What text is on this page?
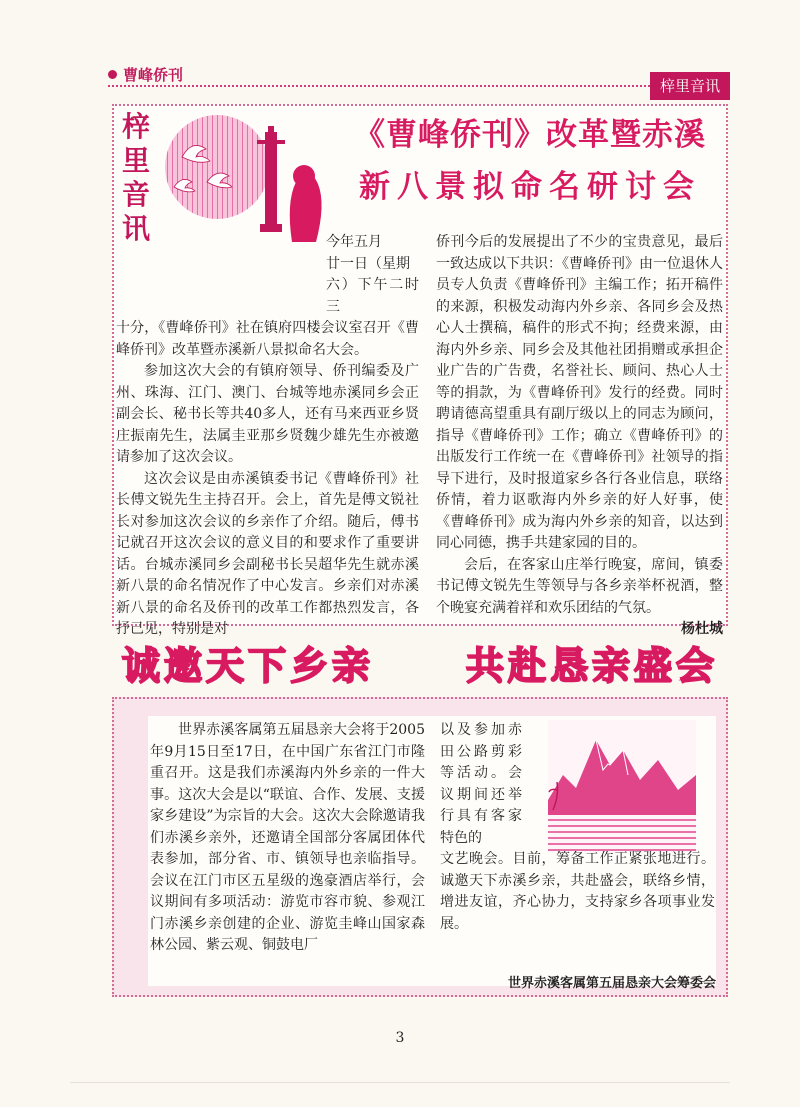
曹峰侨刊
梓里音讯
梓
里
音
讯
《曹峰侨刊》改革暨赤溪
新八景拟命名研讨会

今年五月

廿一日（星期

六）下午二时三

十分，《曹峰侨刊》社在镇府四楼会议室召开《曹峰侨刊》改革暨赤溪新八景拟命名大会。

参加这次大会的有镇府领导、侨刊编委及广州、珠海、江门、澳门、台城等地赤溪同乡会正副会长、秘书长等共40多人，还有马来西亚乡贤庄振南先生，法属圭亚那乡贤魏少雄先生亦被邀请参加了这次会议。

这次会议是由赤溪镇委书记《曹峰侨刊》社长傅文锐先生主持召开。会上，首先是傅文锐社长对参加这次会议的乡亲作了介绍。随后，傅书记就召开这次会议的意义目的和要求作了重要讲话。台城赤溪同乡会副秘书长吴超华先生就赤溪新八景的命名情况作了中心发言。乡亲们对赤溪新八景的命名及侨刊的改革工作都热烈发言，各抒己见，特别是对

侨刊今后的发展提出了不少的宝贵意见，最后一致达成以下共识：《曹峰侨刊》由一位退休人员专人负责《曹峰侨刊》主编工作；拓开稿件的来源，积极发动海内外乡亲、各同乡会及热心人士撰稿，稿件的形式不拘；经费来源，由海内外乡亲、同乡会及其他社团捐赠或承担企业广告的广告费，名誉社长、顾问、热心人士等的捐款，为《曹峰侨刊》发行的经费。同时聘请德高望重具有副厅级以上的同志为顾问，指导《曹峰侨刊》工作；确立《曹峰侨刊》的出版发行工作统一在《曹峰侨刊》社领导的指导下进行，及时报道家乡各行各业信息，联络侨情，着力讴歌海内外乡亲的好人好事，使《曹峰侨刊》成为海内外乡亲的知音，以达到同心同德，携手共建家园的目的。

会后，在客家山庄举行晚宴，席间，镇委书记傅文锐先生等领导与各乡亲举杯祝酒，整个晚宴充满着祥和欢乐团结的气氛。
杨杜城

诚邀天下乡亲 共赴恳亲盛会

世界赤溪客属第五届恳亲大会将于2005年9月15日至17日，在中国广东省江门市隆重召开。这是我们赤溪海内外乡亲的一件大事。这次大会是以“联谊、合作、发展、支援家乡建设”为宗旨的大会。这次大会除邀请我们赤溪乡亲外，还邀请全国部分客属团体代表参加，部分省、市、镇领导也亲临指导。会议在江门市区五星级的逸豪酒店举行，会议期间有多项活动：游览市容市貌、参观江门赤溪乡亲创建的企业、游览圭峰山国家森林公园、紫云观、铜鼓电厂

以及参加赤田公路剪彩等活动。会议期间还举行具有客家特色的

文艺晚会。目前，筹备工作正紧张地进行。诚邀天下赤溪乡亲，共赴盛会，联络乡情，增进友谊，齐心协力，支持家乡各项事业发展。

世界赤溪客属第五届恳亲大会筹委会
3
